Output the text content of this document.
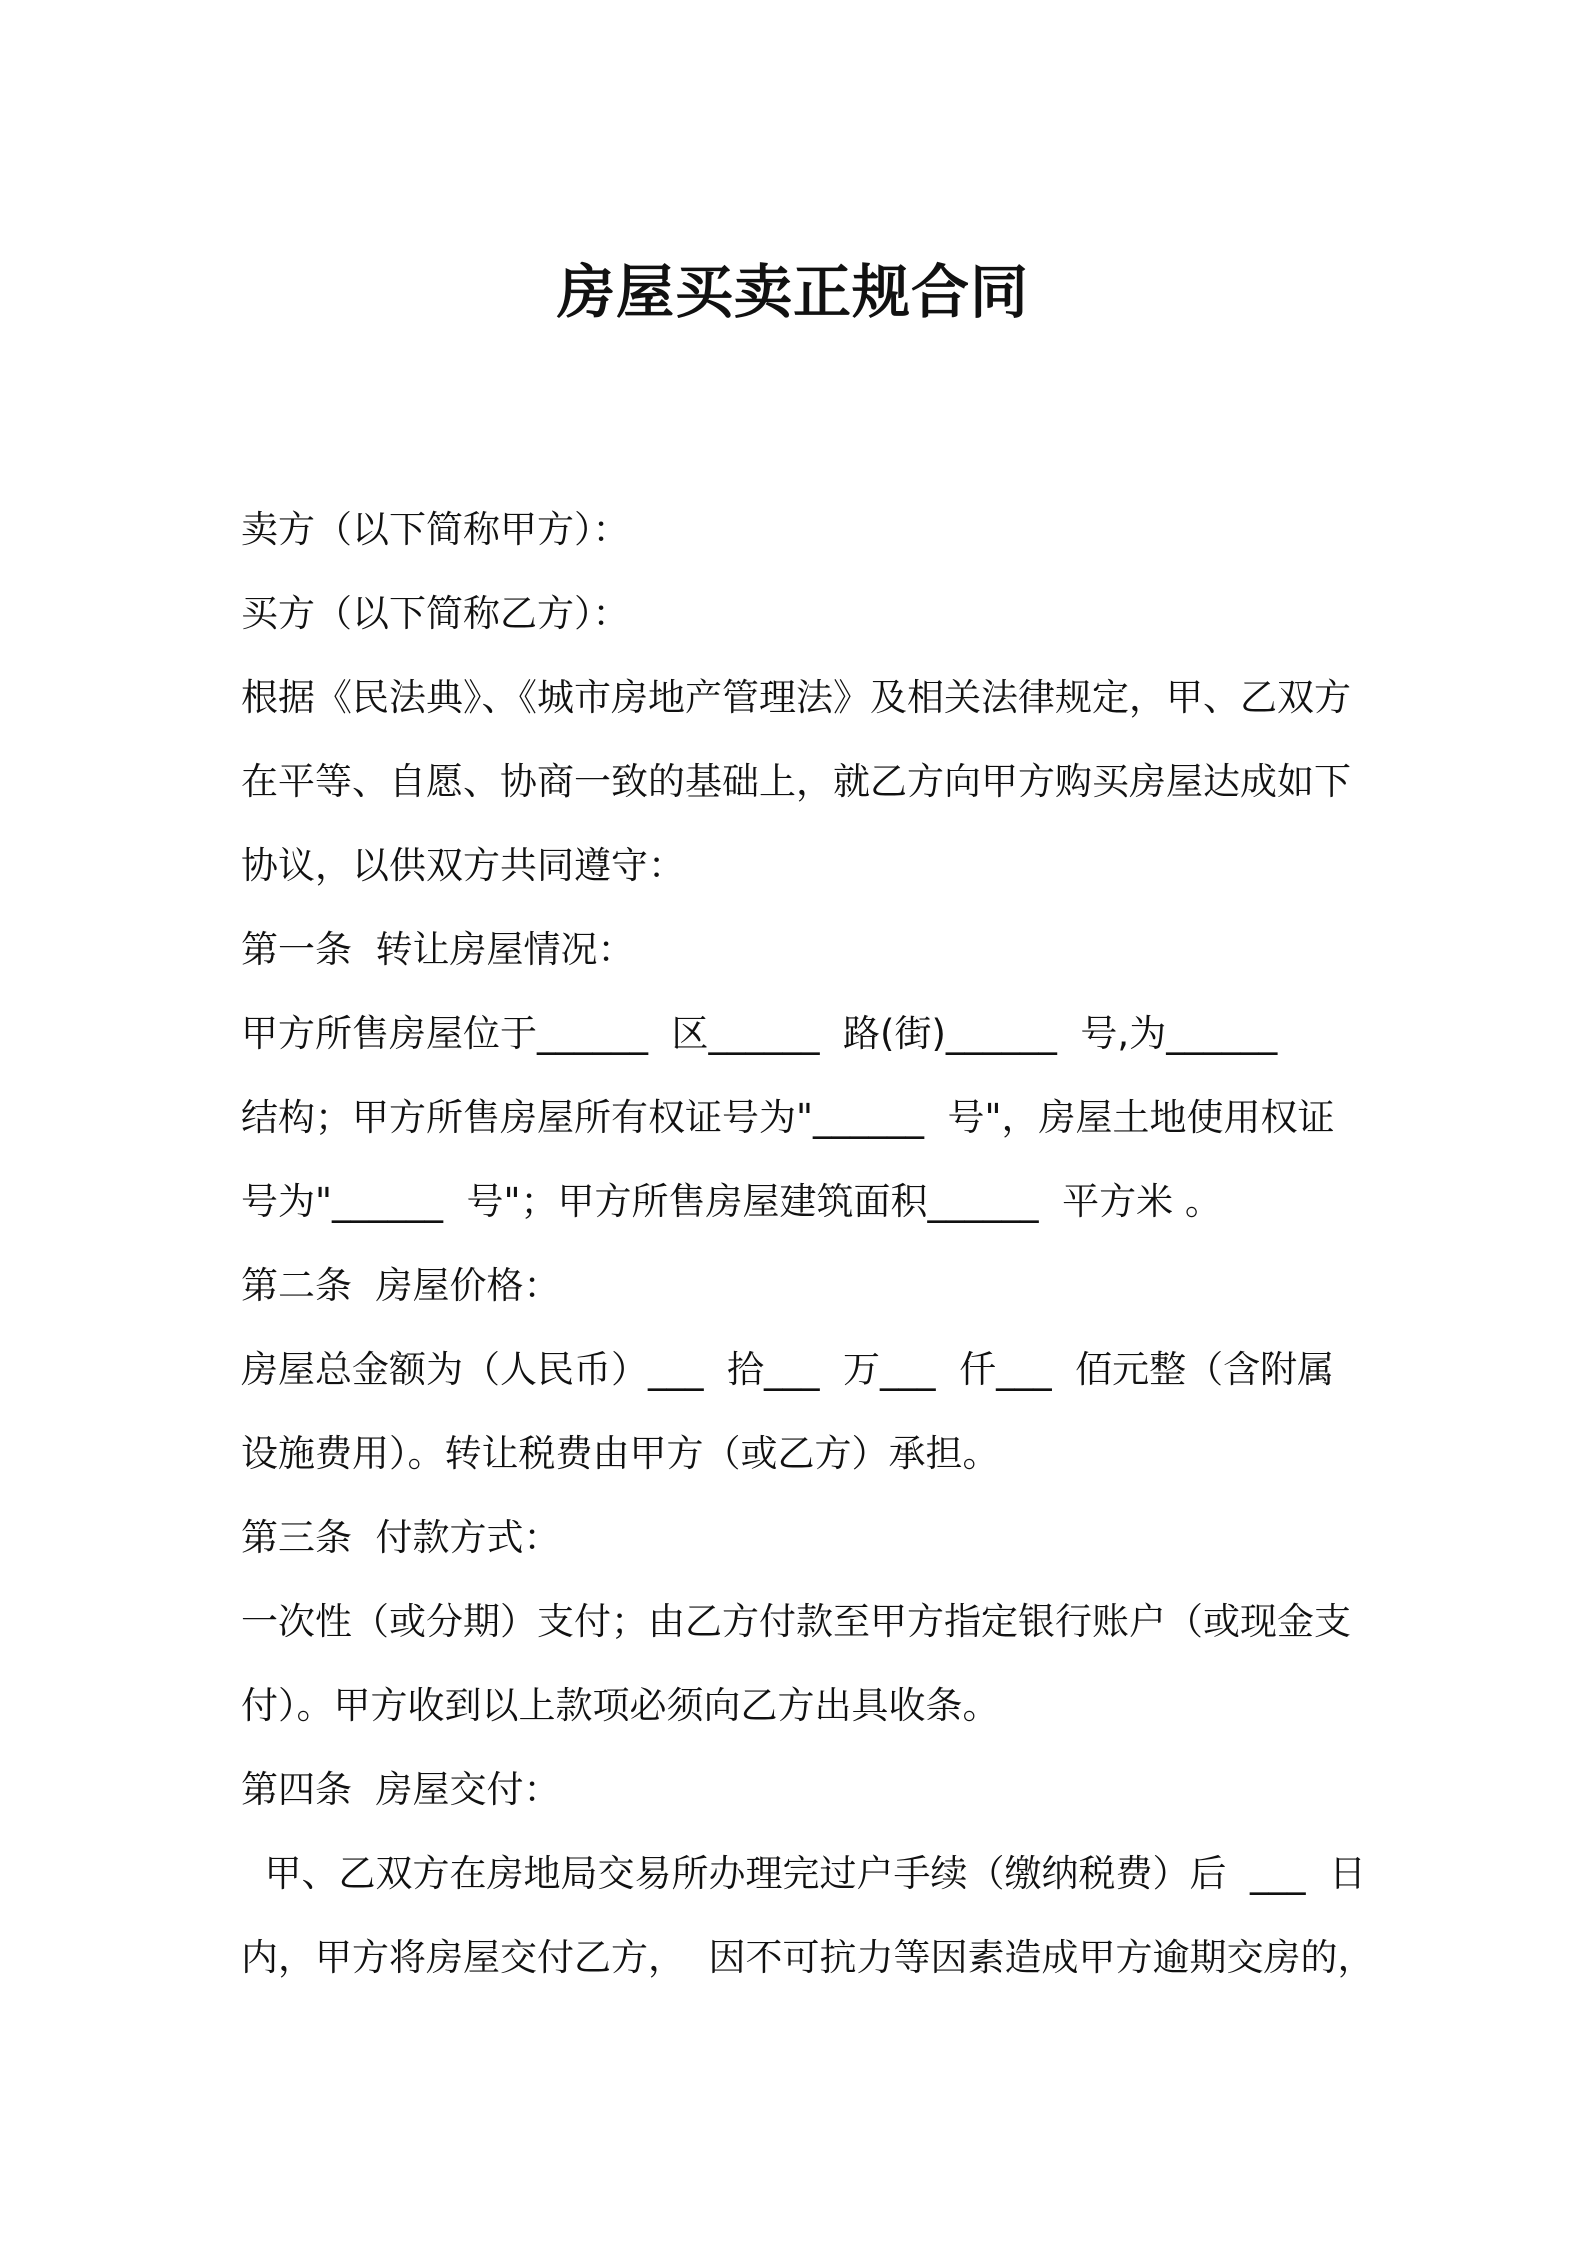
房屋买卖正规合同
卖方（以下简称甲方）：
买方（以下简称乙方）：
根据《民法典》、《城市房地产管理法》及相关法律规定，甲、乙双方
在平等、自愿、协商一致的基础上，就乙方向甲方购买房屋达成如下
协议，以供双方共同遵守：
第一条  转让房屋情况：
甲方所售房屋位于______  区______  路(街)______  号,为______
结构；甲方所售房屋所有权证号为"______  号"，房屋土地使用权证
号为"______  号"；甲方所售房屋建筑面积______  平方米 。
第二条  房屋价格：
房屋总金额为（人民币）___  拾___  万___  仟___  佰元整（含附属
设施费用）。转让税费由甲方（或乙方）承担。
第三条  付款方式：
一次性（或分期）支付；由乙方付款至甲方指定银行账户（或现金支
付）。甲方收到以上款项必须向乙方出具收条。
第四条  房屋交付：
甲、乙双方在房地局交易所办理完过户手续（缴纳税费）后  ___  日
内，甲方将房屋交付乙方，  因不可抗力等因素造成甲方逾期交房的，
